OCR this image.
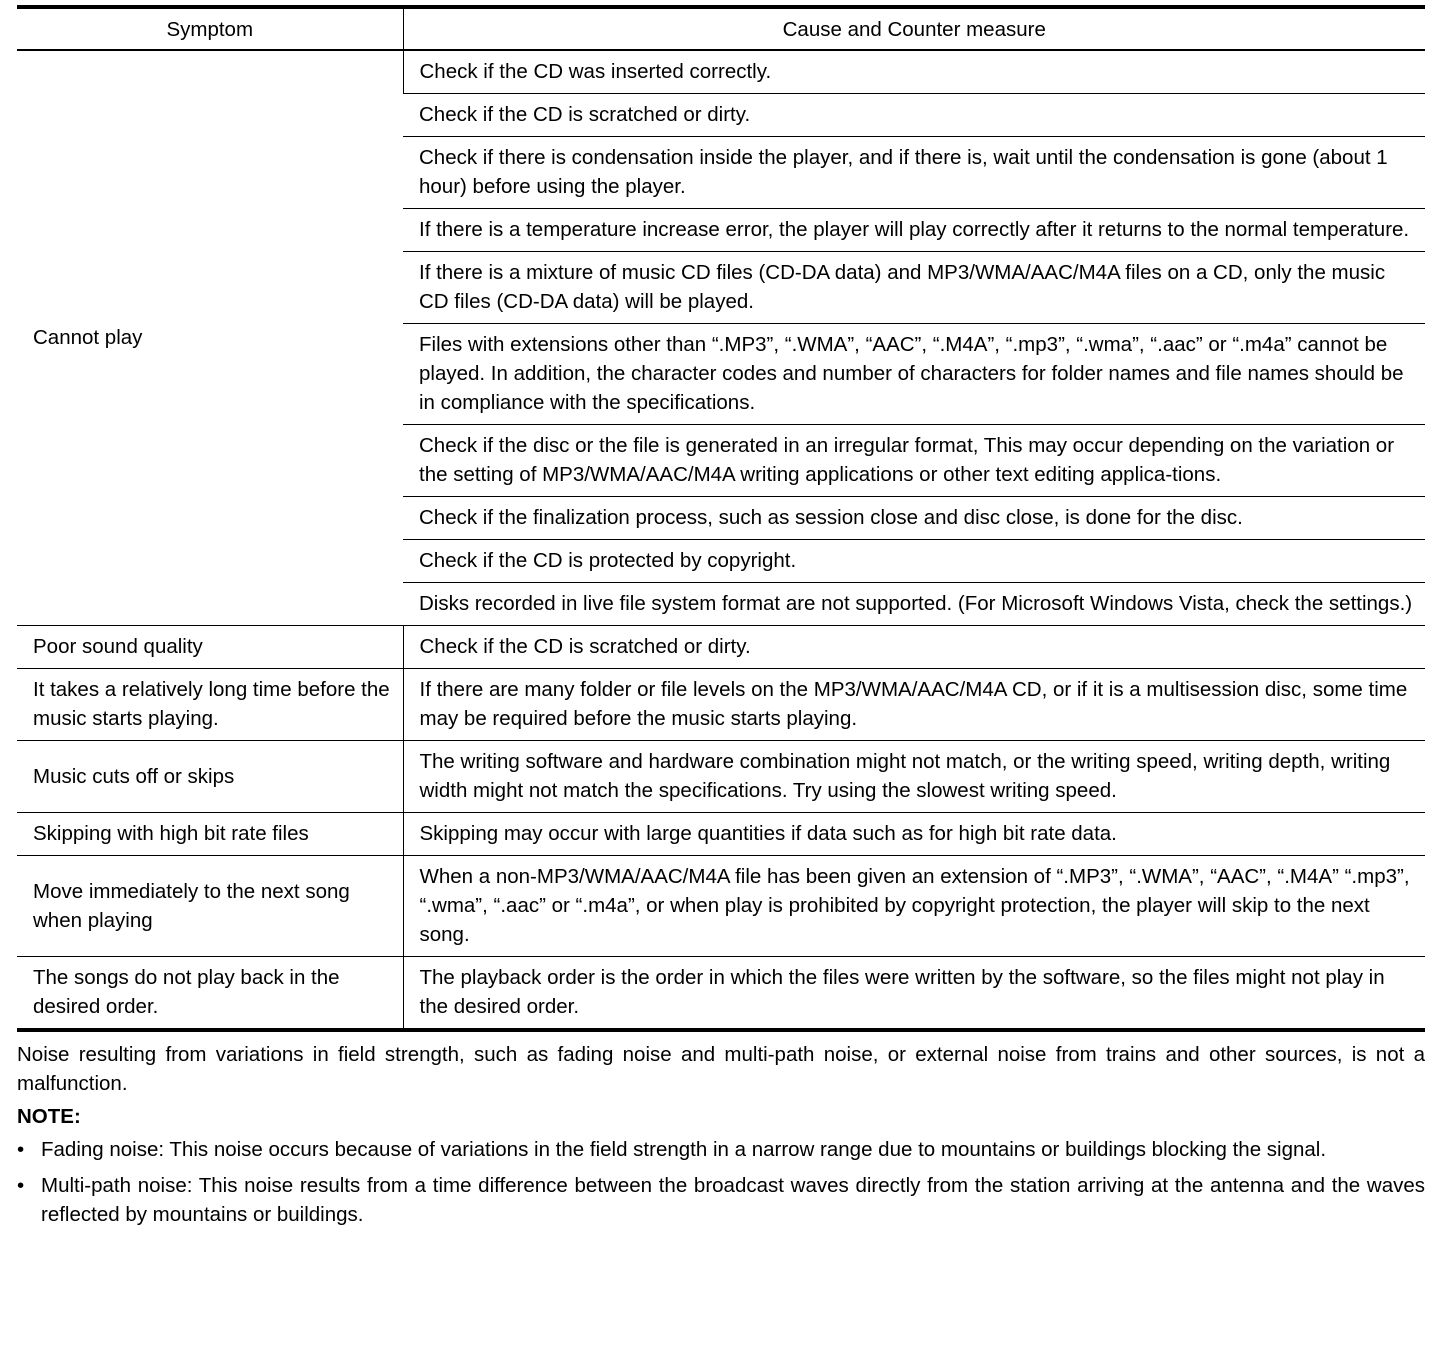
Symptom	Cause and Counter measure
Cannot play	Check if the CD was inserted correctly.
	Check if the CD is scratched or dirty.
	Check if there is condensation inside the player, and if there is, wait until the condensation is gone (about 1 hour) before using the player.
	If there is a temperature increase error, the player will play correctly after it returns to the normal temperature.
	If there is a mixture of music CD files (CD-DA data) and MP3/WMA/AAC/M4A files on a CD, only the music CD files (CD-DA data) will be played.
	Files with extensions other than “.MP3”, “.WMA”, “AAC”, “.M4A”, “.mp3”, “.wma”, “.aac” or “.m4a” cannot be played. In addition, the character codes and number of characters for folder names and file names should be in compliance with the specifications.
	Check if the disc or the file is generated in an irregular format, This may occur depending on the variation or the setting of MP3/WMA/AAC/M4A writing applications or other text editing applica-tions.
	Check if the finalization process, such as session close and disc close, is done for the disc.
	Check if the CD is protected by copyright.
	Disks recorded in live file system format are not supported. (For Microsoft Windows Vista, check the settings.)
Poor sound quality	Check if the CD is scratched or dirty.
It takes a relatively long time before the music starts playing.	If there are many folder or file levels on the MP3/WMA/AAC/M4A CD, or if it is a multisession disc, some time may be required before the music starts playing.
Music cuts off or skips	The writing software and hardware combination might not match, or the writing speed, writing depth, writing width might not match the specifications. Try using the slowest writing speed.
Skipping with high bit rate files	Skipping may occur with large quantities if data such as for high bit rate data.
Move immediately to the next song when playing	When a non-MP3/WMA/AAC/M4A file has been given an extension of “.MP3”, “.WMA”, “AAC”, “.M4A” “.mp3”, “.wma”, “.aac” or “.m4a”, or when play is prohibited by copyright protection, the player will skip to the next song.
The songs do not play back in the desired order.	The playback order is the order in which the files were written by the software, so the files might not play in the desired order.

Noise resulting from variations in field strength, such as fading noise and multi-path noise, or external noise from trains and other sources, is not a malfunction.

NOTE:
• Fading noise: This noise occurs because of variations in the field strength in a narrow range due to mountains or buildings blocking the signal.
• Multi-path noise: This noise results from a time difference between the broadcast waves directly from the station arriving at the antenna and the waves reflected by mountains or buildings.
